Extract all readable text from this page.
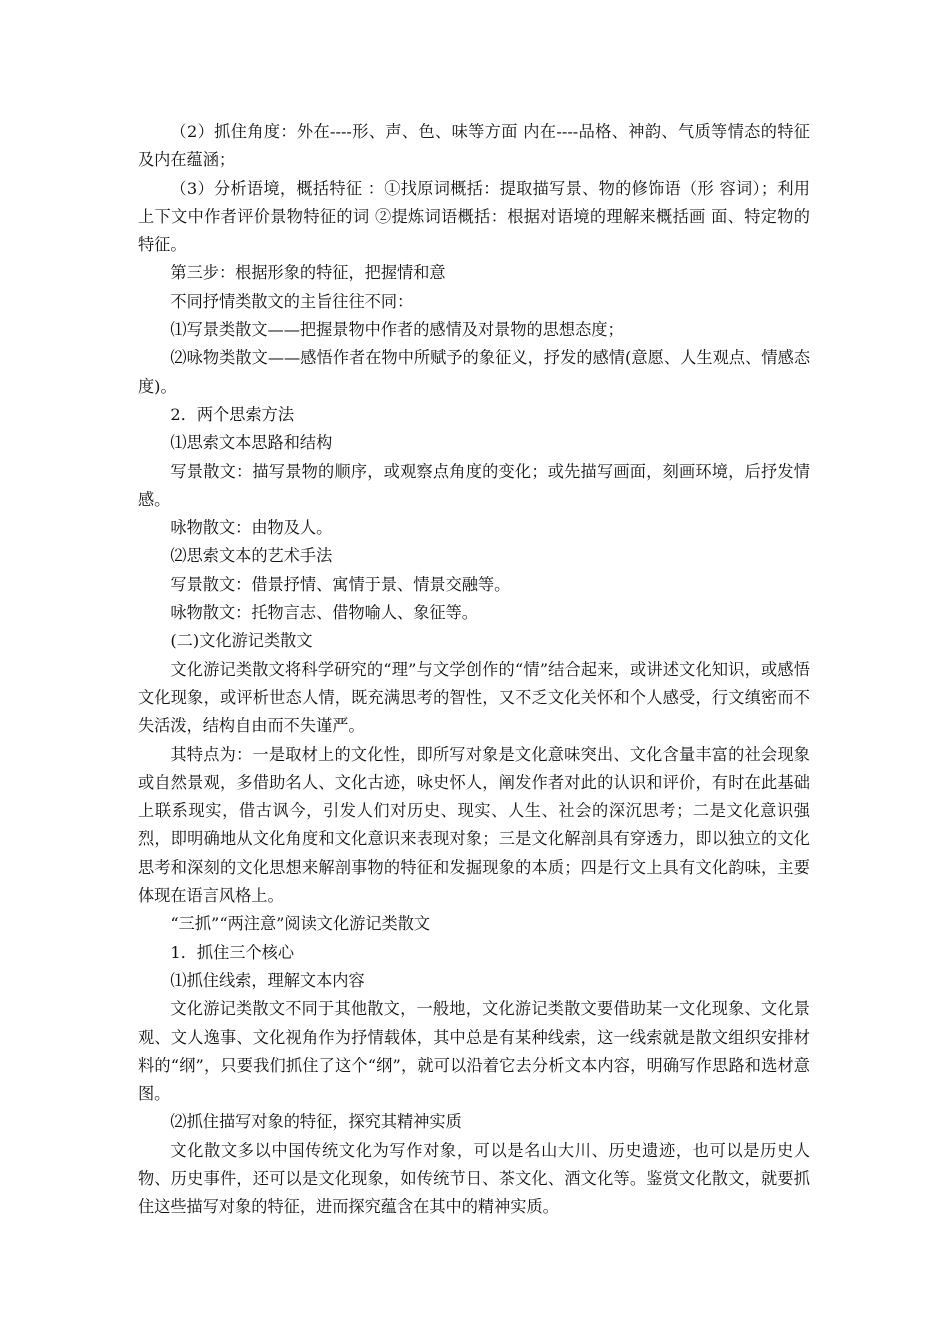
（2）抓住角度：外在----形、声、色、味等方面 内在----品格、神韵、气质等情态的特征及内在蕴涵；

（3）分析语境，概括特征 ：①找原词概括：提取描写景、物的修饰语（形 容词）；利用上下文中作者评价景物特征的词 ②提炼词语概括：根据对语境的理解来概括画 面、特定物的特征。

第三步：根据形象的特征，把握情和意

不同抒情类散文的主旨往往不同：

⑴写景类散文——把握景物中作者的感情及对景物的思想态度；

⑵咏物类散文——感悟作者在物中所赋予的象征义，抒发的感情(意愿、人生观点、情感态度)。

2．两个思索方法

⑴思索文本思路和结构

写景散文：描写景物的顺序，或观察点角度的变化；或先描写画面，刻画环境，后抒发情感。

咏物散文：由物及人。

⑵思索文本的艺术手法

写景散文：借景抒情、寓情于景、情景交融等。

咏物散文：托物言志、借物喻人、象征等。

(二)文化游记类散文

文化游记类散文将科学研究的“理”与文学创作的“情”结合起来，或讲述文化知识，或感悟文化现象，或评析世态人情，既充满思考的智性，又不乏文化关怀和个人感受，行文缜密而不失活泼，结构自由而不失谨严。

其特点为：一是取材上的文化性，即所写对象是文化意味突出、文化含量丰富的社会现象或自然景观，多借助名人、文化古迹，咏史怀人，阐发作者对此的认识和评价，有时在此基础上联系现实，借古讽今，引发人们对历史、现实、人生、社会的深沉思考；二是文化意识强烈，即明确地从文化角度和文化意识来表现对象；三是文化解剖具有穿透力，即以独立的文化思考和深刻的文化思想来解剖事物的特征和发掘现象的本质；四是行文上具有文化韵味，主要体现在语言风格上。

“三抓”“两注意”阅读文化游记类散文

1．抓住三个核心

⑴抓住线索，理解文本内容

文化游记类散文不同于其他散文，一般地，文化游记类散文要借助某一文化现象、文化景观、文人逸事、文化视角作为抒情载体，其中总是有某种线索，这一线索就是散文组织安排材料的“纲”，只要我们抓住了这个“纲”，就可以沿着它去分析文本内容，明确写作思路和选材意图。

⑵抓住描写对象的特征，探究其精神实质

文化散文多以中国传统文化为写作对象，可以是名山大川、历史遗迹，也可以是历史人物、历史事件，还可以是文化现象，如传统节日、茶文化、酒文化等。鉴赏文化散文，就要抓住这些描写对象的特征，进而探究蕴含在其中的精神实质。
